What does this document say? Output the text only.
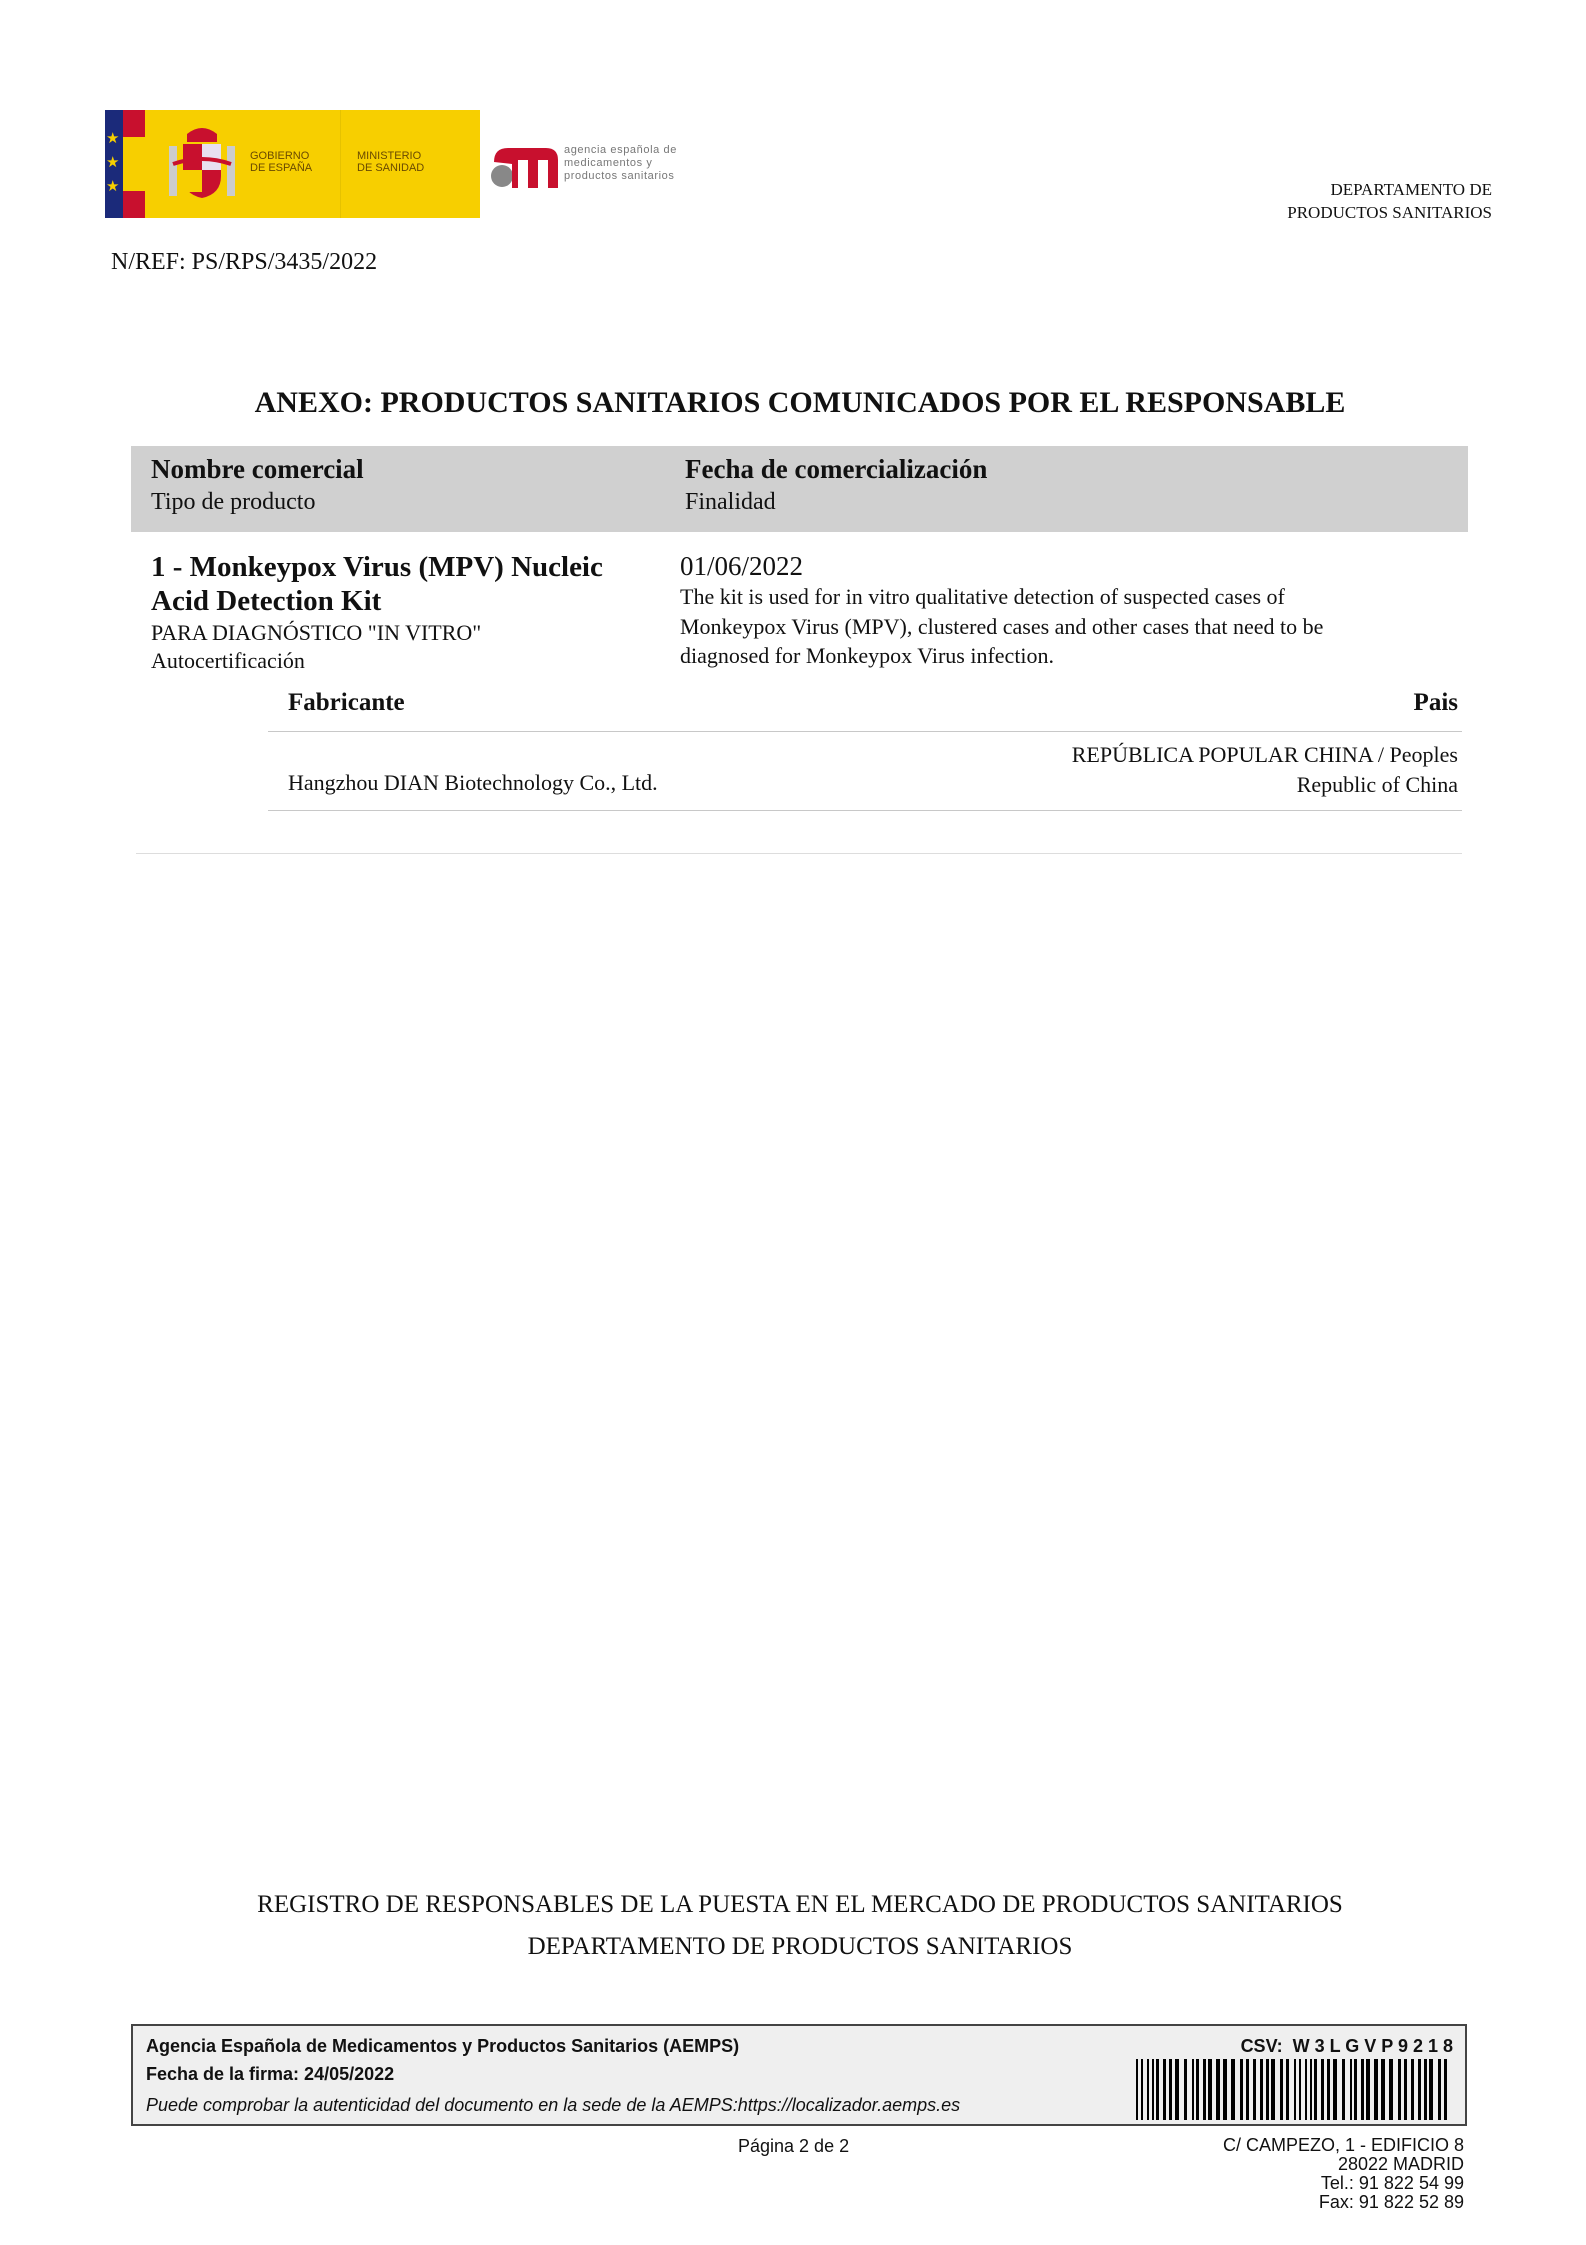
★
★
★
GOBIERNO
DE ESPAÑA
MINISTERIO
DE SANIDAD
agencia española de
medicamentos y
productos sanitarios
DEPARTAMENTO DE
PRODUCTOS SANITARIOS
N/REF: PS/RPS/3435/2022
ANEXO: PRODUCTOS SANITARIOS COMUNICADOS POR EL RESPONSABLE
Nombre comercial
Tipo de producto
Fecha de comercialización
Finalidad
1 - Monkeypox Virus (MPV) Nucleic
Acid Detection Kit
PARA DIAGNÓSTICO "IN VITRO"
Autocertificación
01/06/2022
The kit is used for in vitro qualitative detection of suspected cases of
Monkeypox Virus (MPV), clustered cases and other cases that need to be
diagnosed for Monkeypox Virus infection.
Fabricante	Pais
Hangzhou DIAN Biotechnology Co., Ltd.
REPÚBLICA POPULAR CHINA / Peoples
Republic of China
REGISTRO DE RESPONSABLES DE LA PUESTA EN EL MERCADO DE PRODUCTOS SANITARIOS
DEPARTAMENTO DE PRODUCTOS SANITARIOS
Agencia Española de Medicamentos y Productos Sanitarios (AEMPS)
Fecha de la firma: 24/05/2022
Puede comprobar la autenticidad del documento en la sede de la AEMPS:https://localizador.aemps.es
CSV:  W 3 L G V P 9 2 1 8
Página 2 de 2	C/ CAMPEZO, 1 - EDIFICIO 8
28022 MADRID
Tel.: 91 822 54 99
Fax: 91 822 52 89
